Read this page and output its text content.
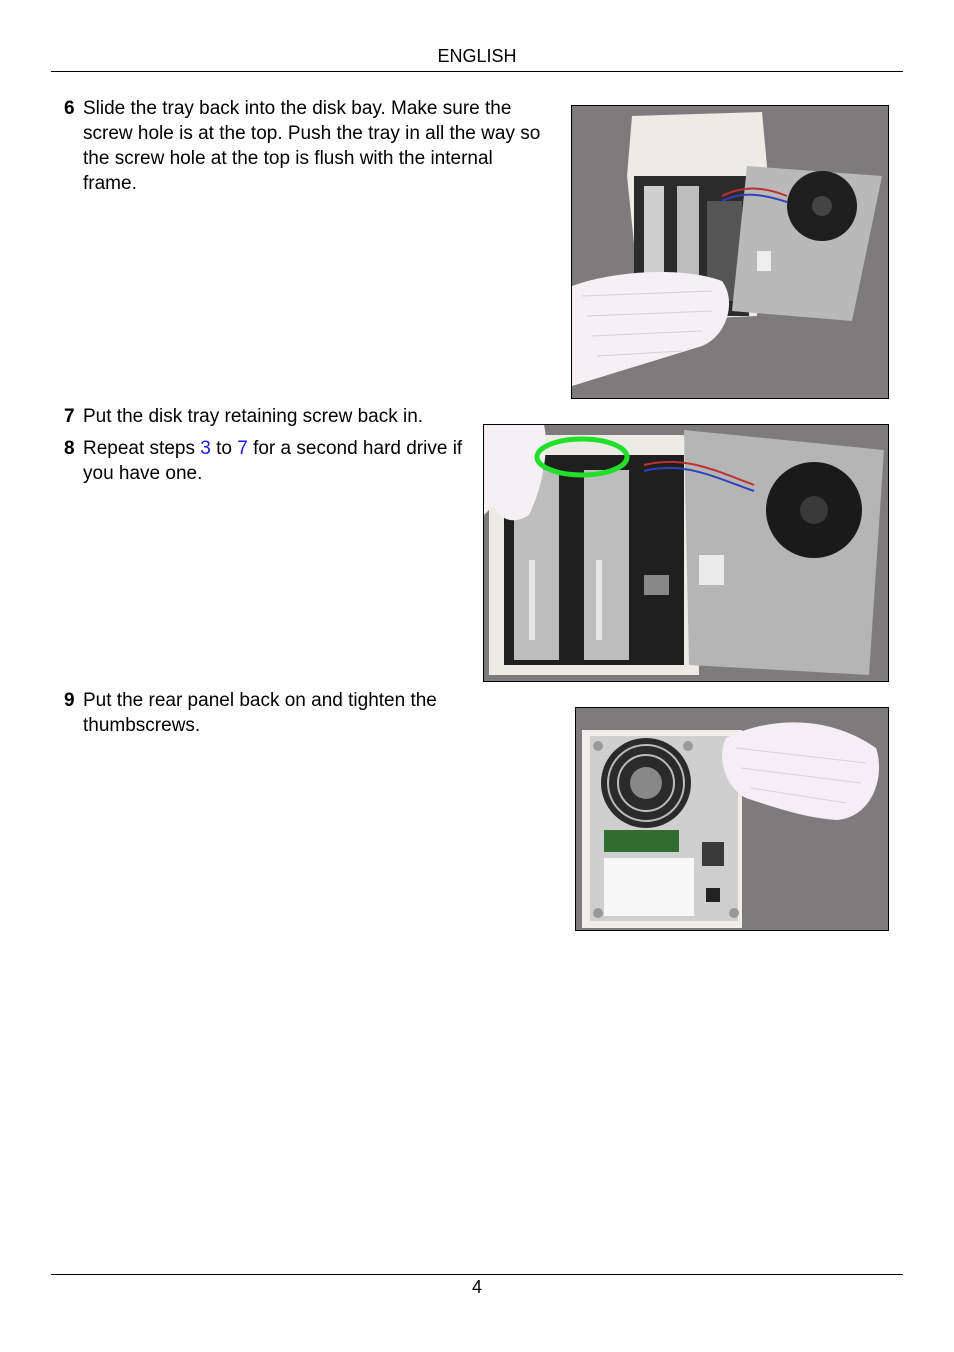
ENGLISH
6 Slide the tray back into the disk bay. Make sure the screw hole is at the top. Push the tray in all the way so the screw hole at the top is flush with the internal frame.
7 Put the disk tray retaining screw back in.
8 Repeat steps 3 to 7 for a second hard drive if you have one.
9 Put the rear panel back on and tighten the thumbscrews.
4
